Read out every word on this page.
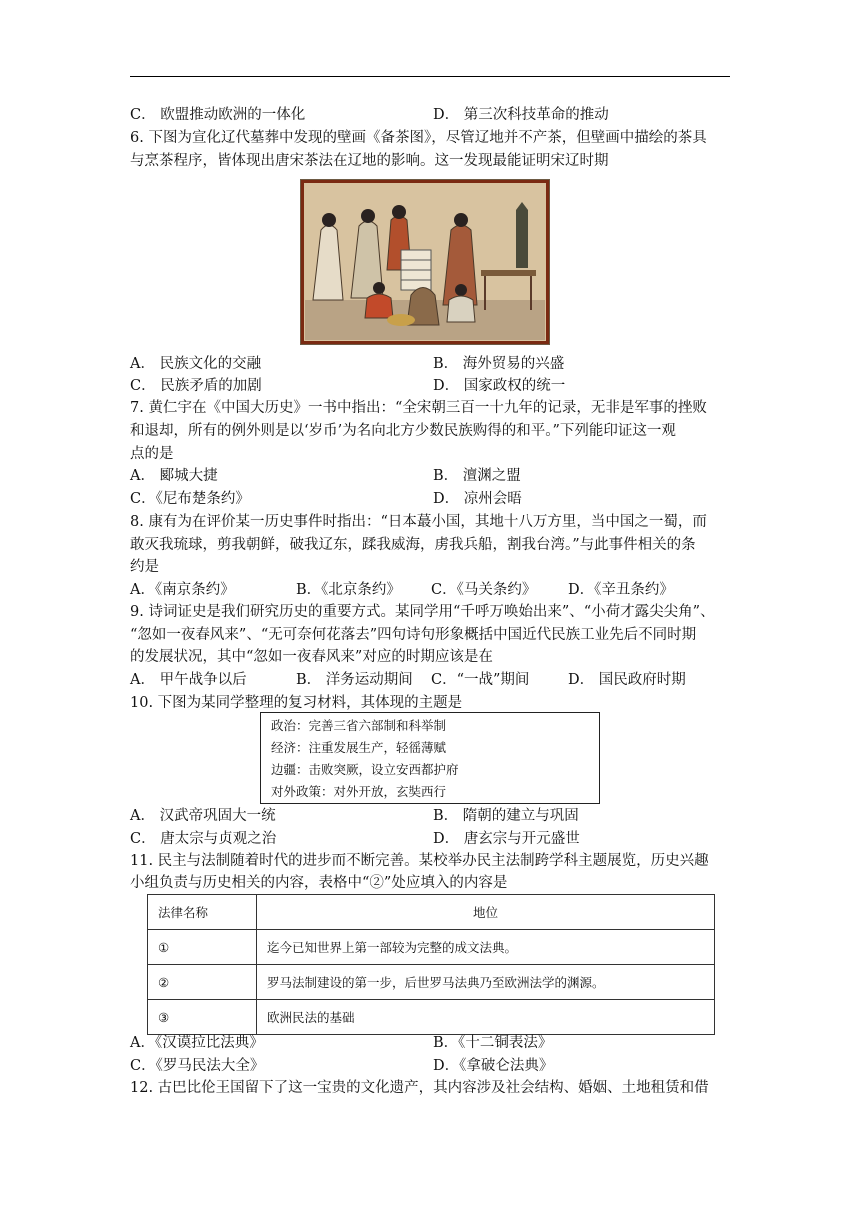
C． 欧盟推动欧洲的一体化	D． 第三次科技革命的推动
6. 下图为宣化辽代墓葬中发现的壁画《备茶图》，尽管辽地并不产茶，但壁画中描绘的茶具
与烹茶程序，皆体现出唐宋茶法在辽地的影响。这一发现最能证明宋辽时期
A． 民族文化的交融	B． 海外贸易的兴盛
C． 民族矛盾的加剧	D． 国家政权的统一
7. 黄仁宇在《中国大历史》一书中指出：“全宋朝三百一十九年的记录，无非是军事的挫败
和退却，所有的例外则是以‘岁币’为名向北方少数民族购得的和平。”下列能印证这一观
点的是
A． 郾城大捷	B． 澶渊之盟
C．《尼布楚条约》	D． 凉州会晤
8. 康有为在评价某一历史事件时指出：“日本蕞小国，其地十八万方里，当中国之一蜀，而
敢灭我琉球，剪我朝鲜，破我辽东，蹂我威海，虏我兵船，割我台湾。”与此事件相关的条
约是
A．《南京条约》	B．《北京条约》 C．《马关条约》 D．《辛丑条约》
9. 诗词证史是我们研究历史的重要方式。某同学用“千呼万唤始出来”、“小荷才露尖尖角”、
“忽如一夜春风来”、“无可奈何花落去”四句诗句形象概括中国近代民族工业先后不同时期
的发展状况，其中“忽如一夜春风来”对应的时期应该是在
A． 甲午战争以后	B． 洋务运动期间 C．“一战”期间	D． 国民政府时期
10. 下图为某同学整理的复习材料，其体现的主题是
政治：完善三省六部制和科举制
经济：注重发展生产，轻徭薄赋
边疆：击败突厥，设立安西都护府
对外政策：对外开放，玄奘西行
A． 汉武帝巩固大一统	B． 隋朝的建立与巩固
C． 唐太宗与贞观之治	D． 唐玄宗与开元盛世
11. 民主与法制随着时代的进步而不断完善。某校举办民主法制跨学科主题展览，历史兴趣
小组负责与历史相关的内容，表格中“②”处应填入的内容是
法律名称	地位
①	迄今已知世界上第一部较为完整的成文法典。
②	罗马法制建设的第一步，后世罗马法典乃至欧洲法学的渊源。
③	欧洲民法的基础
A．《汉谟拉比法典》	B．《十二铜表法》
C．《罗马民法大全》	D．《拿破仑法典》
12. 古巴比伦王国留下了这一宝贵的文化遗产，其内容涉及社会结构、婚姻、土地租赁和借
